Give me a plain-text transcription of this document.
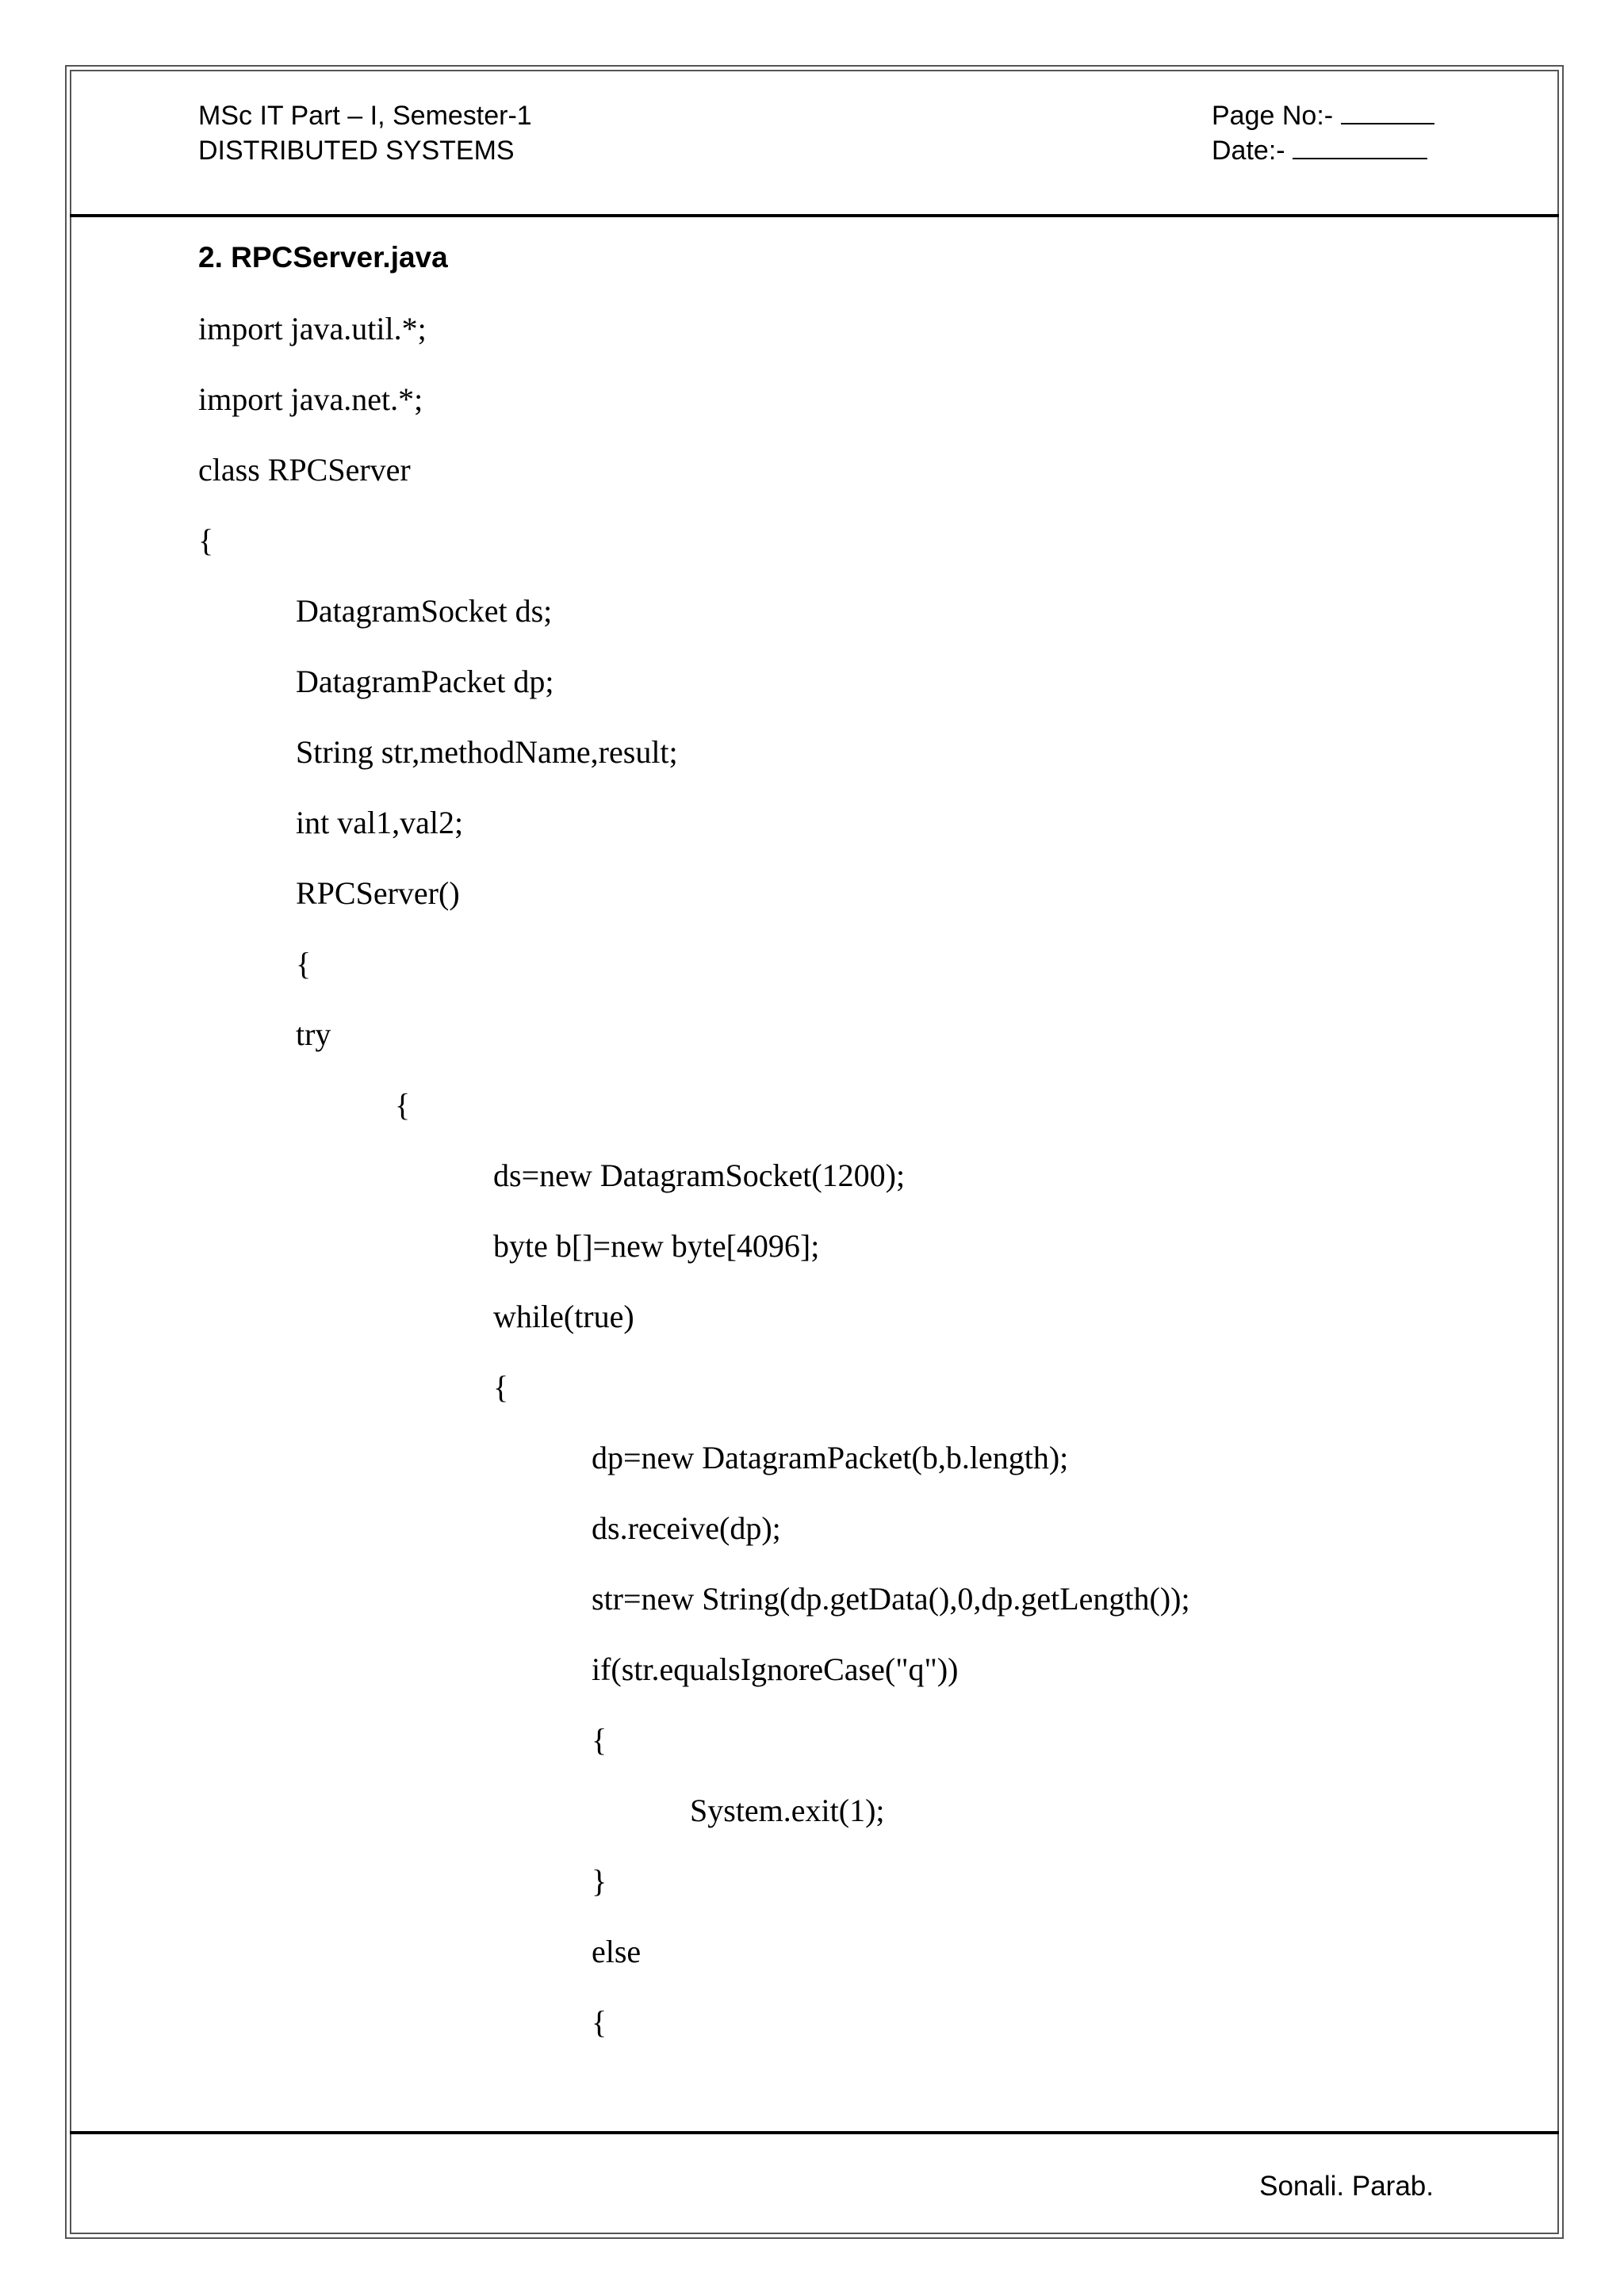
MSc IT Part – I, Semester-1
DISTRIBUTED SYSTEMS
Page No:-
Date:-
2. RPCServer.java
import java.util.*;
import java.net.*;
class RPCServer
{
DatagramSocket ds;
DatagramPacket dp;
String str,methodName,result;
int val1,val2;
RPCServer()
{
try
{
ds=new DatagramSocket(1200);
byte b[]=new byte[4096];
while(true)
{
dp=new DatagramPacket(b,b.length);
ds.receive(dp);
str=new String(dp.getData(),0,dp.getLength());
if(str.equalsIgnoreCase("q"))
{
System.exit(1);
}
else
{
Sonali. Parab.
